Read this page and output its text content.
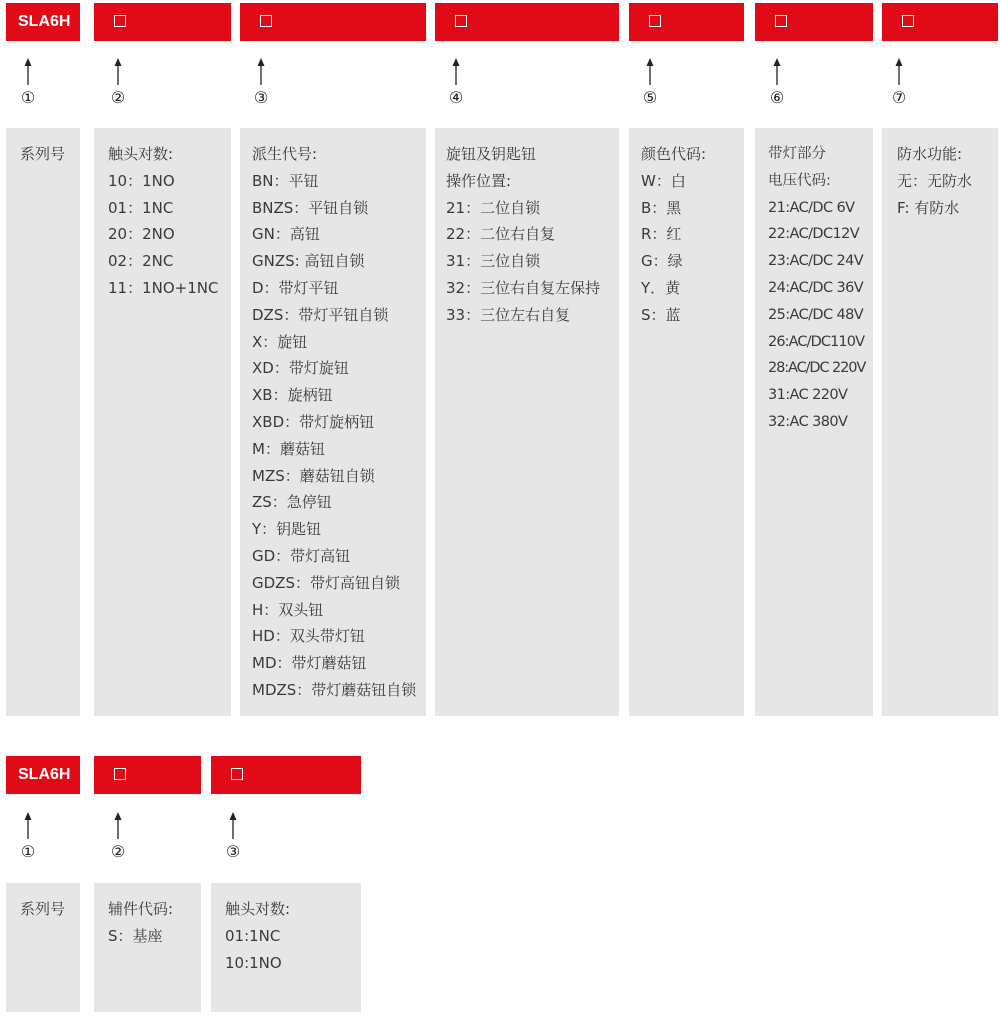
SLA6H
①	②	③	④	⑤	⑥	⑦
系列号	触头对数:
10：1NO
01：1NC
20：2NO
02：2NC
11：1NO+1NC
派生代号:
BN：平钮
BNZS：平钮自锁
GN：高钮
GNZS: 高钮自锁
D：带灯平钮
DZS：带灯平钮自锁
X：旋钮
XD：带灯旋钮
XB：旋柄钮
XBD：带灯旋柄钮
M：蘑菇钮
MZS：蘑菇钮自锁
ZS：急停钮
Y：钥匙钮
GD：带灯高钮
GDZS：带灯高钮自锁
H：双头钮
HD：双头带灯钮
MD：带灯蘑菇钮
MDZS：带灯蘑菇钮自锁
旋钮及钥匙钮
操作位置:
21：二位自锁
22：二位右自复
31：三位自锁
32：三位右自复左保持
33：三位左右自复
颜色代码:
W：白
B：黑
R：红
G：绿
Y．黄
S：蓝
带灯部分
电压代码:
21:AC/DC 6V
22:AC/DC12V
23:AC/DC 24V
24:AC/DC 36V
25:AC/DC 48V
26:AC/DC110V
28:AC/DC 220V
31:AC 220V
32:AC 380V
防水功能:
无：无防水
F: 有防水
SLA6H
①	②	③
系列号	辅件代码:
S：基座
触头对数:
01:1NC
10:1NO
